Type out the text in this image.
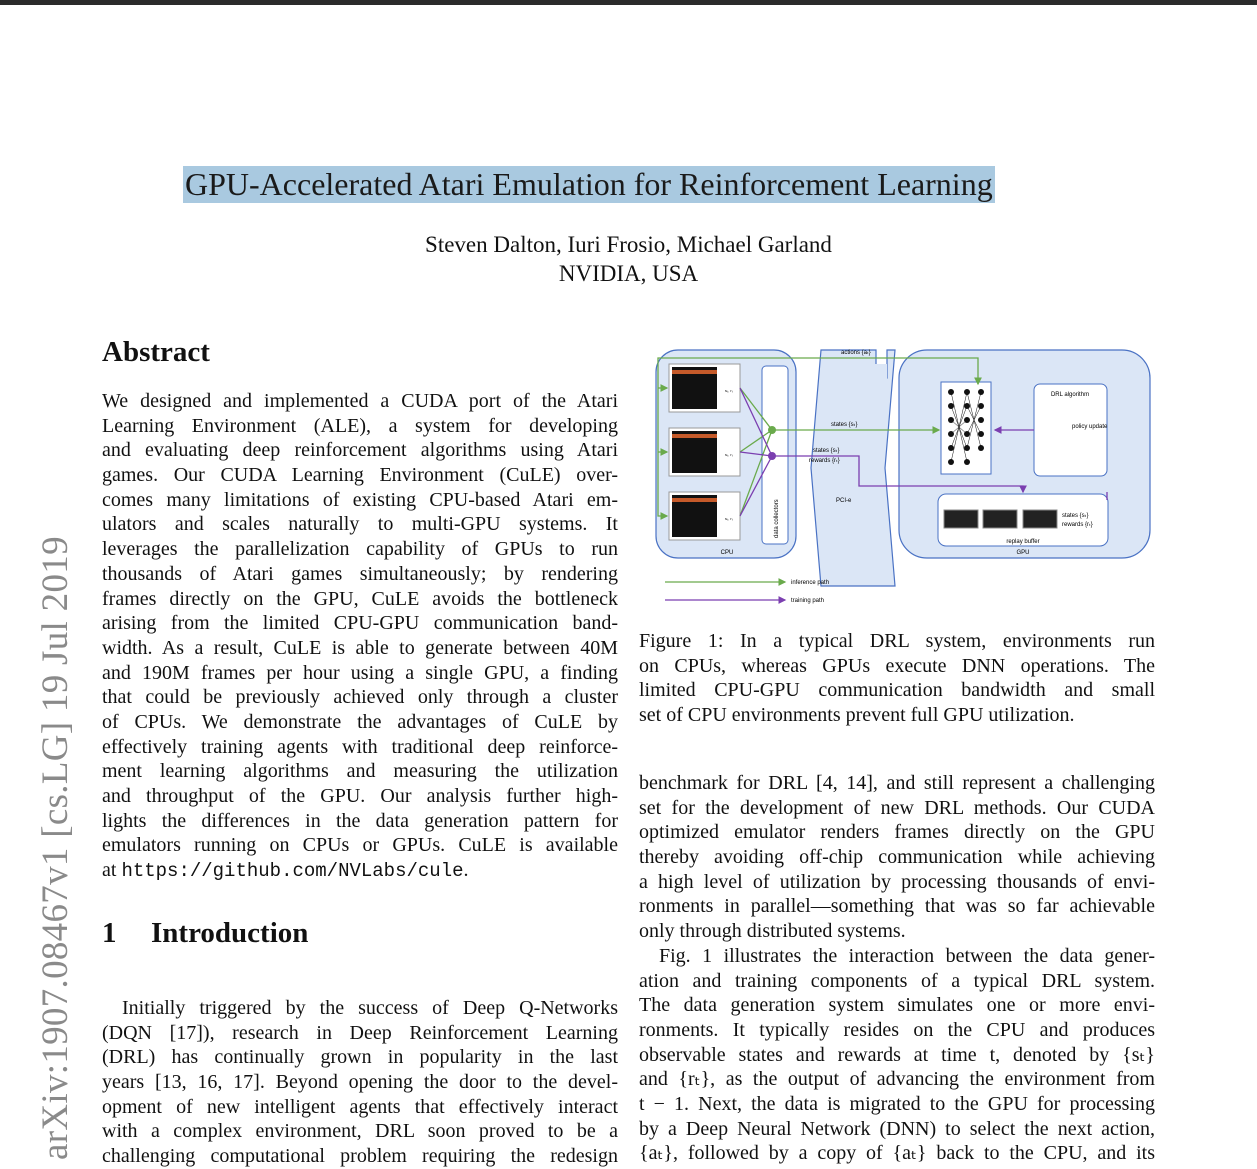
arXiv:1907.08467v1 [cs.LG] 19 Jul 2019
GPU-Accelerated Atari Emulation for Reinforcement Learning
Steven Dalton, Iuri Frosio, Michael Garland
NVIDIA, USA
Abstract
We designed and implemented a CUDA port of the Atari
Learning Environment (ALE), a system for developing
and evaluating deep reinforcement algorithms using Atari
games. Our CUDA Learning Environment (CuLE) over-
comes many limitations of existing CPU-based Atari em-
ulators and scales naturally to multi-GPU systems. It
leverages the parallelization capability of GPUs to run
thousands of Atari games simultaneously; by rendering
frames directly on the GPU, CuLE avoids the bottleneck
arising from the limited CPU-GPU communication band-
width. As a result, CuLE is able to generate between 40M
and 190M frames per hour using a single GPU, a finding
that could be previously achieved only through a cluster
of CPUs. We demonstrate the advantages of CuLE by
effectively training agents with traditional deep reinforce-
ment learning algorithms and measuring the utilization
and throughput of the GPU. Our analysis further high-
lights the differences in the data generation pattern for
emulators running on CPUs or GPUs. CuLE is available
at https://github.com/NVLabs/cule.
1 Introduction
Initially triggered by the success of Deep Q-Networks
(DQN [17]), research in Deep Reinforcement Learning
(DRL) has continually grown in popularity in the last
years [13, 16, 17]. Beyond opening the door to the devel-
opment of new intelligent agents that effectively interact
with a complex environment, DRL soon proved to be a
challenging computational problem requiring the redesign
sₜ, rₜ
sₜ, rₜ
sₜ, rₜ	data collectors
CPU
actions {aₜ}
states {sₜ}
states {sₜ}
rewards {rₜ}
PCI-e
DRL algorithm
policy update
states {sₜ}
rewards {rₜ}
replay buffer
GPU
inference path
training path
Figure 1: In a typical DRL system, environments run
on CPUs, whereas GPUs execute DNN operations. The
limited CPU-GPU communication bandwidth and small
set of CPU environments prevent full GPU utilization.
benchmark for DRL [4, 14], and still represent a challenging
set for the development of new DRL methods. Our CUDA
optimized emulator renders frames directly on the GPU
thereby avoiding off-chip communication while achieving
a high level of utilization by processing thousands of envi-
ronments in parallel—something that was so far achievable
only through distributed systems.
Fig. 1 illustrates the interaction between the data gener-
ation and training components of a typical DRL system.
The data generation system simulates one or more envi-
ronments. It typically resides on the CPU and produces
observable states and rewards at time t, denoted by {sₜ}
and {rₜ}, as the output of advancing the environment from
t − 1. Next, the data is migrated to the GPU for processing
by a Deep Neural Network (DNN) to select the next action,
{aₜ}, followed by a copy of {aₜ} back to the CPU, and its
